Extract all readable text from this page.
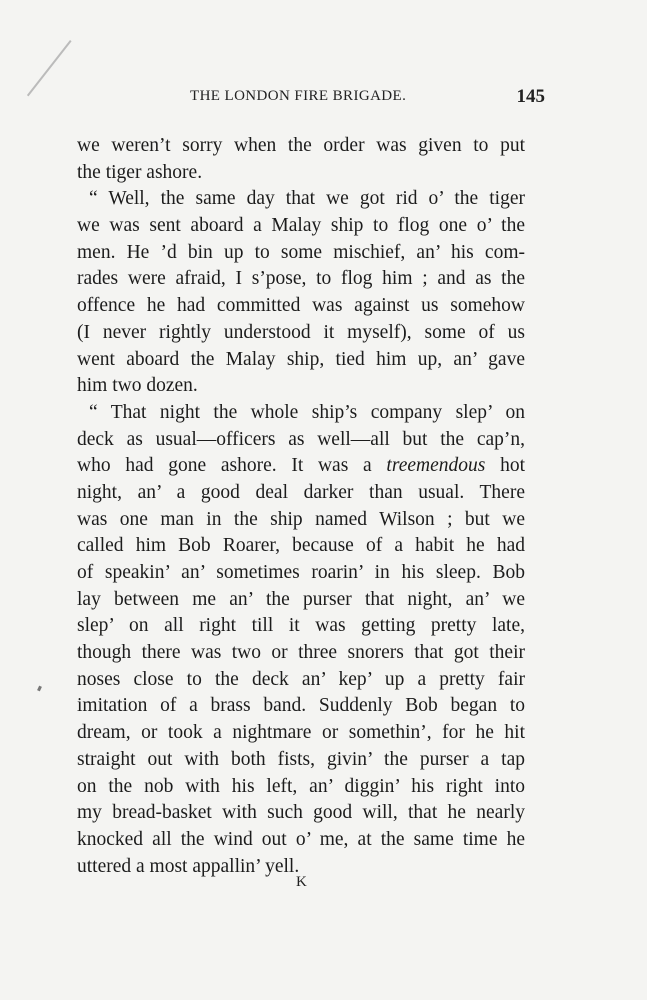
THE LONDON FIRE BRIGADE.	145
we weren’t sorry when the order was given to put
the tiger ashore.
“ Well, the same day that we got rid o’ the tiger
we was sent aboard a Malay ship to flog one o’ the
men. He ’d bin up to some mischief, an’ his com-
rades were afraid, I s’pose, to flog him ; and as the
offence he had committed was against us somehow
(I never rightly understood it myself), some of us
went aboard the Malay ship, tied him up, an’ gave
him two dozen.
“ That night the whole ship’s company slep’ on
deck as usual—officers as well—all but the cap’n,
who had gone ashore. It was a treemendous hot
night, an’ a good deal darker than usual. There
was one man in the ship named Wilson ; but we
called him Bob Roarer, because of a habit he had
of speakin’ an’ sometimes roarin’ in his sleep. Bob
lay between me an’ the purser that night, an’ we
slep’ on all right till it was getting pretty late,
though there was two or three snorers that got their
noses close to the deck an’ kep’ up a pretty fair
imitation of a brass band. Suddenly Bob began to
dream, or took a nightmare or somethin’, for he hit
straight out with both fists, givin’ the purser a tap
on the nob with his left, an’ diggin’ his right into
my bread-basket with such good will, that he nearly
knocked all the wind out o’ me, at the same time he
uttered a most appallin’ yell.
K
